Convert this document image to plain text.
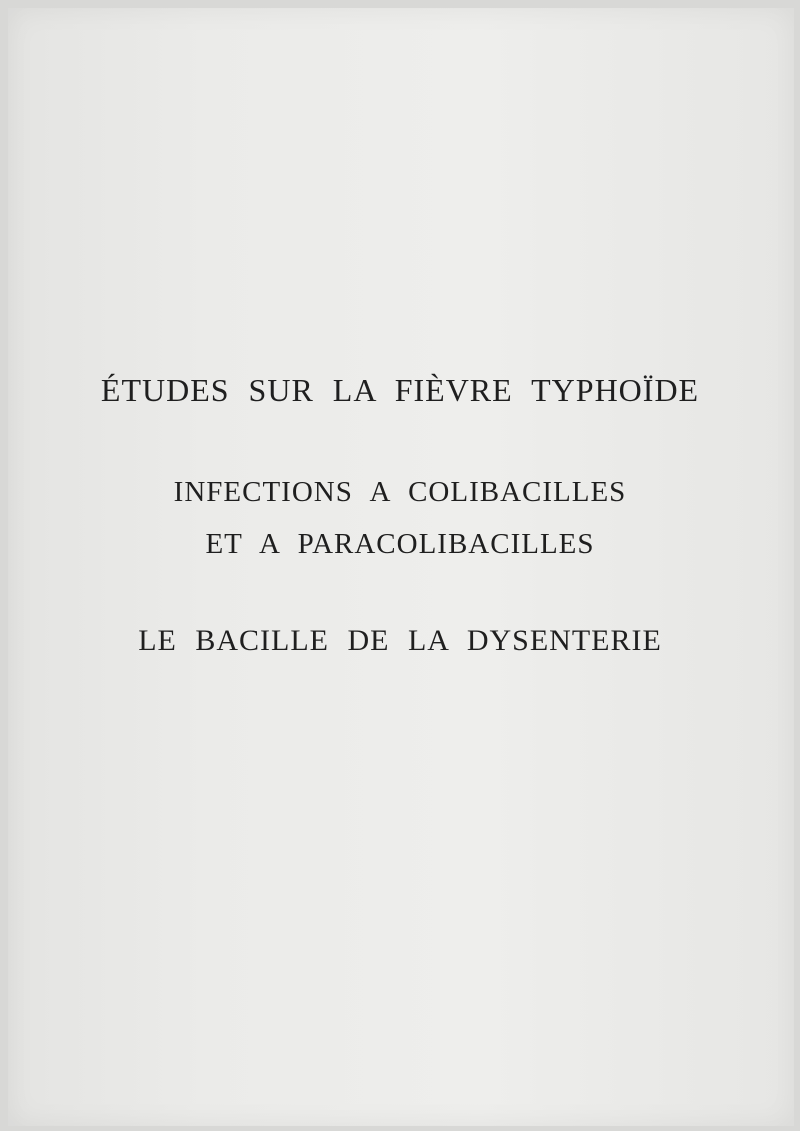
ÉTUDES SUR LA FIÈVRE TYPHOÏDE
INFECTIONS A COLIBACILLES
ET A PARACOLIBACILLES
LE BACILLE DE LA DYSENTERIE
